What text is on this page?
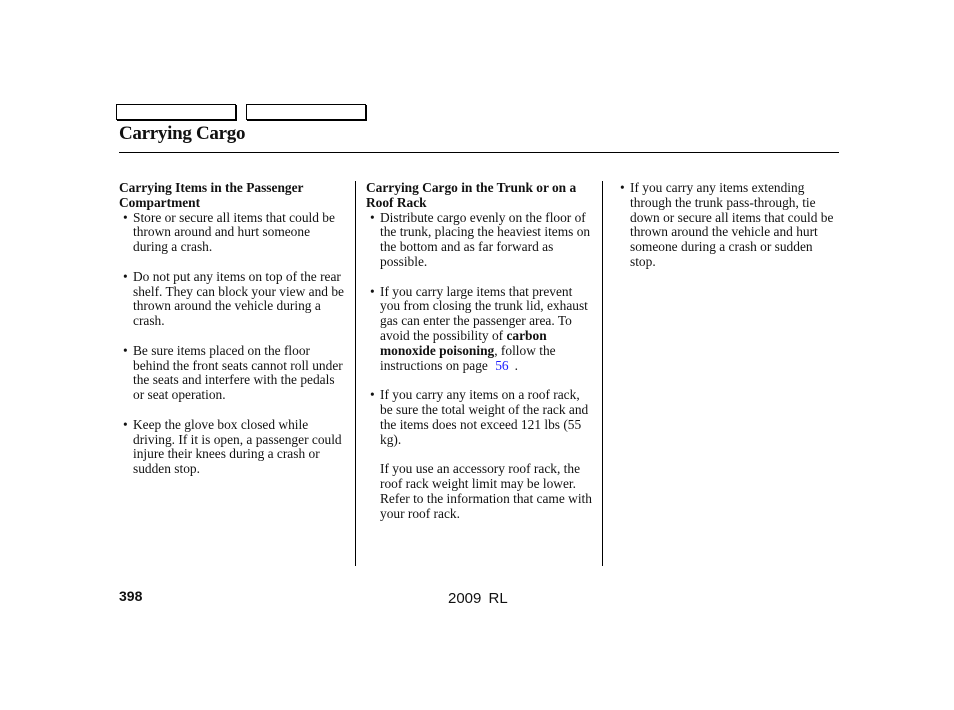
Carrying Cargo

Carrying Items in the Passenger Compartment

• Store or secure all items that could be thrown around and hurt someone during a crash.

• Do not put any items on top of the rear shelf. They can block your view and be thrown around the vehicle during a crash.

• Be sure items placed on the floor behind the front seats cannot roll under the seats and interfere with the pedals or seat operation.

• Keep the glove box closed while driving. If it is open, a passenger could injure their knees during a crash or sudden stop.

Carrying Cargo in the Trunk or on a Roof Rack

• Distribute cargo evenly on the floor of the trunk, placing the heaviest items on the bottom and as far forward as possible.

• If you carry large items that prevent you from closing the trunk lid, exhaust gas can enter the passenger area. To avoid the possibility of carbon monoxide poisoning, follow the instructions on page 56 .

• If you carry any items on a roof rack, be sure the total weight of the rack and the items does not exceed 121 lbs (55 kg).

If you use an accessory roof rack, the roof rack weight limit may be lower. Refer to the information that came with your roof rack.

• If you carry any items extending through the trunk pass-through, tie down or secure all items that could be thrown around the vehicle and hurt someone during a crash or sudden stop.

398	2009 RL
